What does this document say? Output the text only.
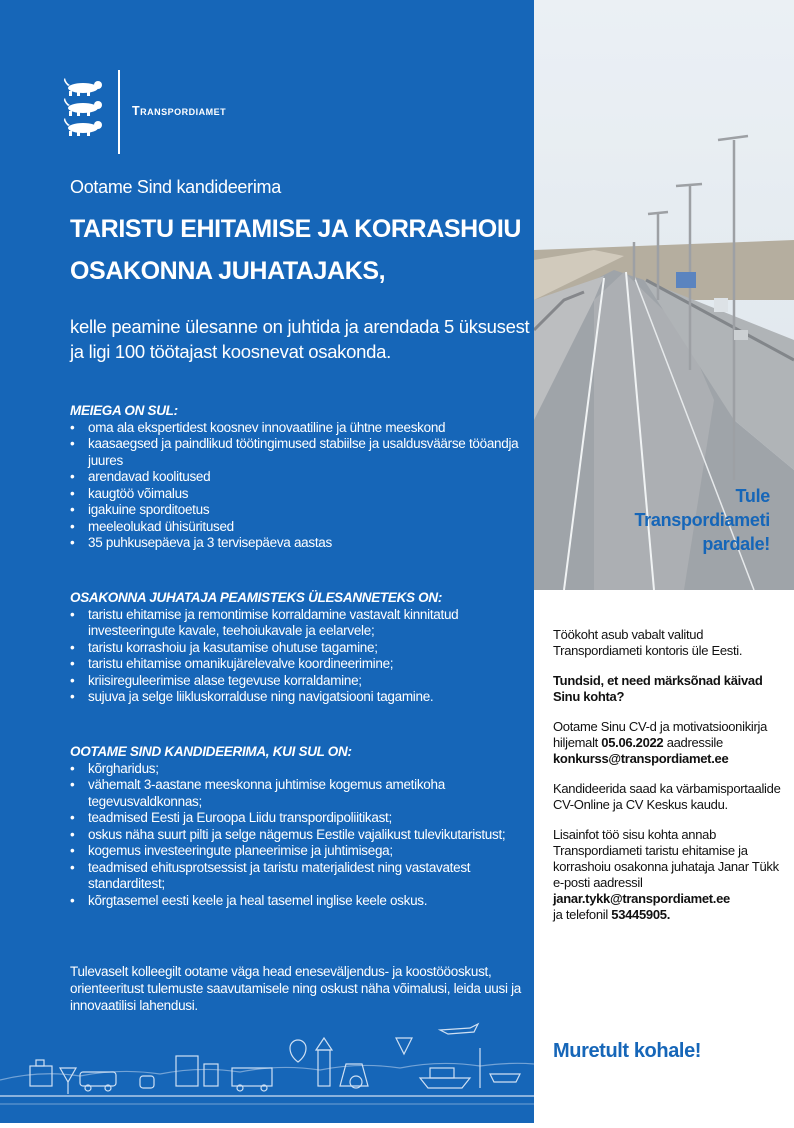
Transpordiamet
Ootame Sind kandideerima
TARISTU EHITAMISE JA KORRASHOIU
OSAKONNA JUHATAJAKS,
kelle peamine ülesanne on juhtida ja arendada 5 üksusest ja ligi 100 töötajast koosnevat osakonda.
MEIEGA ON SUL:
• oma ala ekspertidest koosnev innovaatiline ja ühtne meeskond
• kaasaegsed ja paindlikud töötingimused stabiilse ja usaldusväärse tööandja juures
• arendavad koolitused
• kaugtöö võimalus
• igakuine sporditoetus
• meeleolukad ühisüritused
• 35 puhkusepäeva ja 3 tervisepäeva aastas
OSAKONNA JUHATAJA PEAMISTEKS ÜLESANNETEKS ON:
• taristu ehitamise ja remontimise korraldamine vastavalt kinnitatud investeeringute kavale, teehoiukavale ja eelarvele;
• taristu korrashoiu ja kasutamise ohutuse tagamine;
• taristu ehitamise omanikujärelevalve koordineerimine;
• kriisireguleerimise alase tegevuse korraldamine;
• sujuva ja selge liikluskorralduse ning navigatsiooni tagamine.
OOTAME SIND KANDIDEERIMA, KUI SUL ON:
• kõrgharidus;
• vähemalt 3-aastane meeskonna juhtimise kogemus ametikoha tegevusvaldkonnas;
• teadmised Eesti ja Euroopa Liidu transpordipoliitikast;
• oskus näha suurt pilti ja selge nägemus Eestile vajalikust tulevikutaristust;
• kogemus investeeringute planeerimise ja juhtimisega;
• teadmised ehitusprotsessist ja taristu materjalidest ning vastavatest standarditest;
• kõrgtasemel eesti keele ja heal tasemel inglise keele oskus.
Tulevaselt kolleegilt ootame väga head eneseväljendus- ja koostööoskust, orienteeritust tulemuste saavutamisele ning oskust näha võimalusi, leida uusi ja innovaatilisi lahendusi.
Tule
Transpordiameti
pardale!

Töökoht asub vabalt valitud Transpordiameti kontoris üle Eesti.

Tundsid, et need märksõnad käivad Sinu kohta?

Ootame Sinu CV-d ja motivatsioonikirja hiljemalt 05.06.2022 aadressile
konkurss@transpordiamet.ee

Kandideerida saad ka värbamisportaalide CV-Online ja CV Keskus kaudu.

Lisainfot töö sisu kohta annab Transpordiameti taristu ehitamise ja korrashoiu osakonna juhataja Janar Tükk e-posti aadressil
janar.tykk@transpordiamet.ee
ja telefonil 53445905.

Muretult kohale!
